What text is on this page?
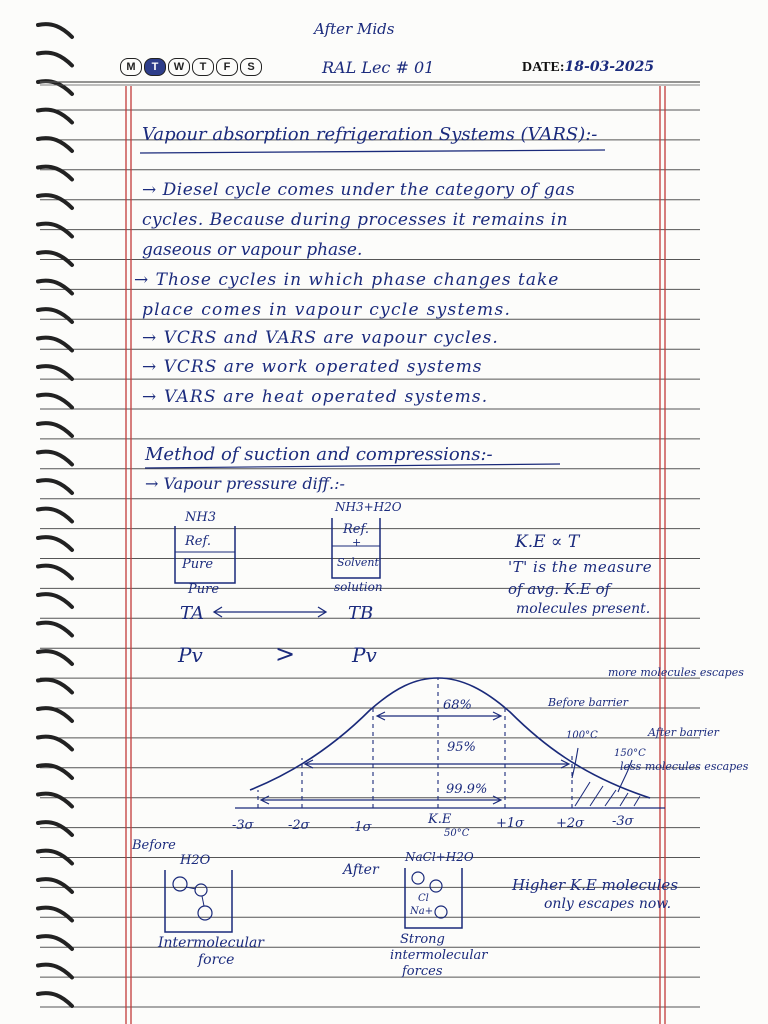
After Mids
M	T	W	T	F	S	RAL Lec # 01	DATE:18-03-2025
Vapour absorption refrigeration Systems (VARS):-
→ Diesel cycle comes under the category of gas
cycles. Because during processes it remains in
gaseous or vapour phase.
→ Those cycles in which phase changes take
place comes in vapour cycle systems.
→ VCRS and VARS are vapour cycles.
→ VCRS are work operated systems
→ VARS are heat operated systems.
Method of suction and compressions:-
→ Vapour pressure diff.:-
NH3
Ref.
Pure
Pure
TA
NH3+H2O
Ref.
+
Solvent
solution
TB
Pv	>	Pv
K.E ∝ T
'T' is the measure
of avg. K.E of
molecules present.
68%
95%
99.9%
K.E
50°C
Before barrier
100°C
more molecules escapes
After barrier
150°C
less molecules escapes
-3σ	-2σ	-1σ	+1σ +2σ -3σ
Before
H2O
Intermolecular
force
After
NaCl+H2O
Cl
Na+
Strong
intermolecular
forces
Higher K.E molecules
only escapes now.
